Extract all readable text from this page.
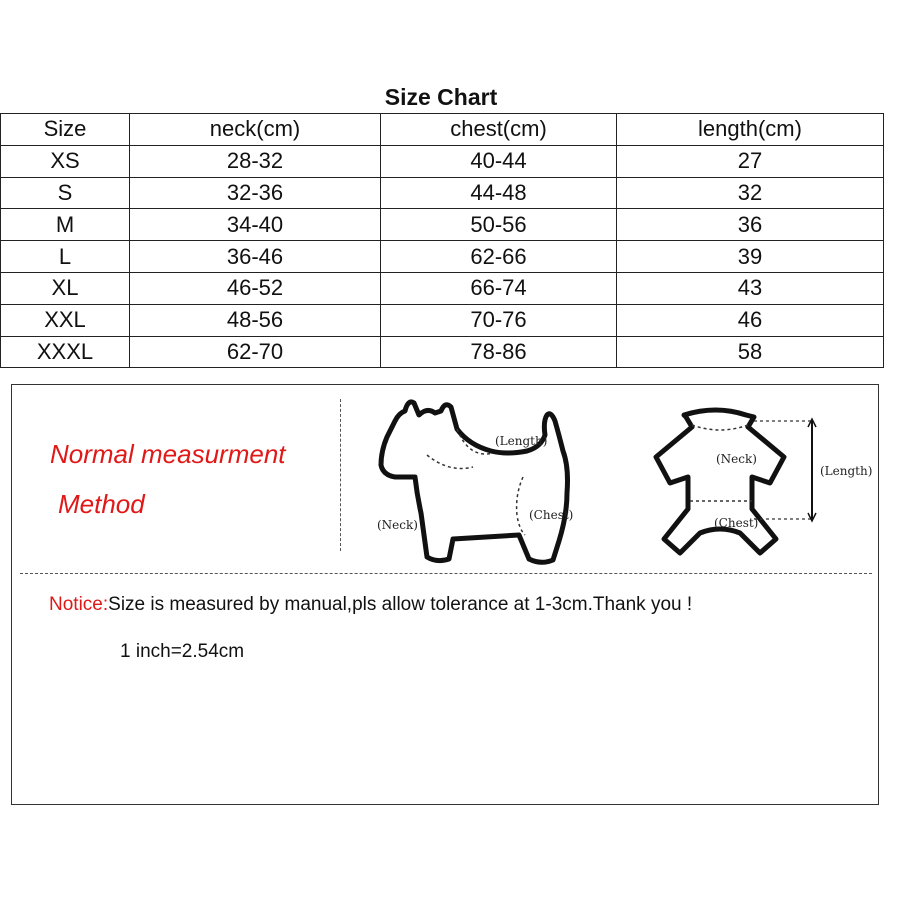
Size Chart
Size	neck(cm)	chest(cm)	length(cm)
XS	28-32	40-44	27
S	32-36	44-48	32
M	34-40	50-56	36
L	36-46	62-66	39
XL	46-52	66-74	43
XXL	48-56	70-76	46
XXXL	62-70	78-86	58
Normal measurment
Method
(Length)
(Neck)
(Chest)
(Neck)
(Length)
(Chest)
Notice:Size is measured by manual,pls allow tolerance at 1-3cm.Thank you !
1 inch=2.54cm
